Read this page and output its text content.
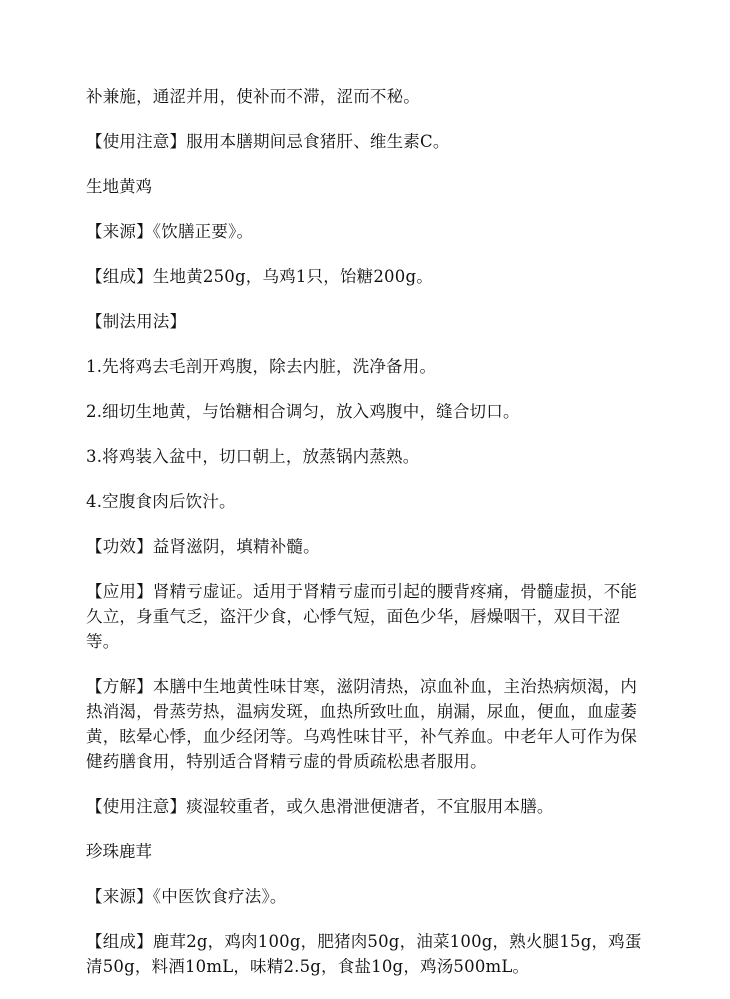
补兼施，通涩并用，使补而不滞，涩而不秘。

【使用注意】服用本膳期间忌食猪肝、维生素C。

生地黄鸡

【来源】《饮膳正要》。

【组成】生地黄250g，乌鸡1只，饴糖200g。

【制法用法】

1.先将鸡去毛剖开鸡腹，除去内脏，洗净备用。

2.细切生地黄，与饴糖相合调匀，放入鸡腹中，缝合切口。

3.将鸡装入盆中，切口朝上，放蒸锅内蒸熟。

4.空腹食肉后饮汁。

【功效】益肾滋阴，填精补髓。

【应用】肾精亏虚证。适用于肾精亏虚而引起的腰背疼痛，骨髓虚损，不能久立，身重气乏，盗汗少食，心悸气短，面色少华，唇燥咽干，双目干涩等。

【方解】本膳中生地黄性味甘寒，滋阴清热，凉血补血，主治热病烦渴，内热消渴，骨蒸劳热，温病发斑，血热所致吐血，崩漏，尿血，便血，血虚萎黄，眩晕心悸，血少经闭等。乌鸡性味甘平，补气养血。中老年人可作为保健药膳食用，特别适合肾精亏虚的骨质疏松患者服用。

【使用注意】痰湿较重者，或久患滑泄便溏者，不宜服用本膳。

珍珠鹿茸

【来源】《中医饮食疗法》。

【组成】鹿茸2g，鸡肉100g，肥猪肉50g，油菜100g，熟火腿15g，鸡蛋清50g，料酒10mL，味精2.5g，食盐10g，鸡汤500mL。
